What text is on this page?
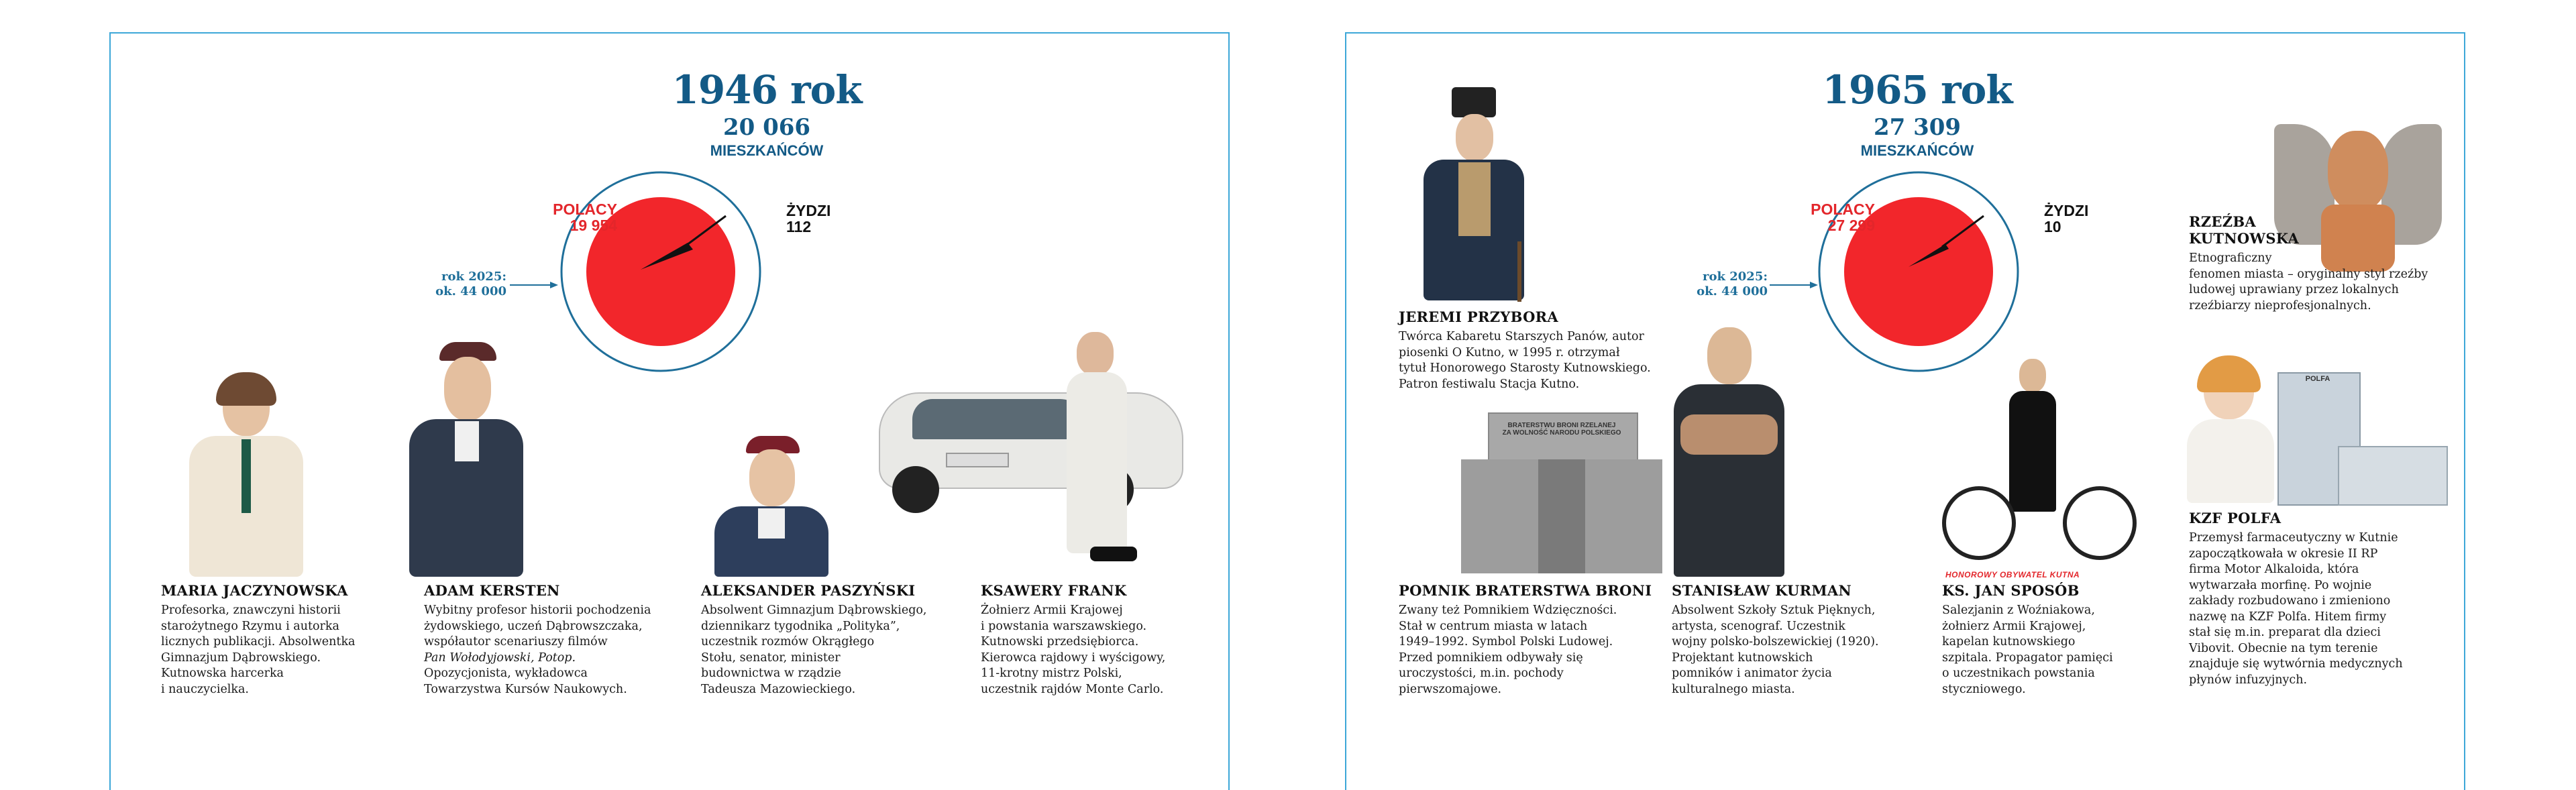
1946 rok
20 066
MIESZKAŃCÓW
POLACY
19 954
ŻYDZI
112
rok 2025:
ok. 44 000
MARIA JACZYNOWSKA
Profesorka, znawczyni historii
starożytnego Rzymu i autorka
licznych publikacji. Absolwentka
Gimnazjum Dąbrowskiego.
Kutnowska harcerka
i nauczycielka.
ADAM KERSTEN
Wybitny profesor historii pochodzenia
żydowskiego, uczeń Dąbrowszczaka,
współautor scenariuszy filmów
Pan Wołodyjowski, Potop.
Opozycjonista, wykładowca
Towarzystwa Kursów Naukowych.
ALEKSANDER PASZYŃSKI
Absolwent Gimnazjum Dąbrowskiego,
dziennikarz tygodnika „Polityka”,
uczestnik rozmów Okrągłego
Stołu, senator, minister
budownictwa w rządzie
Tadeusza Mazowieckiego.
KSAWERY FRANK
Żołnierz Armii Krajowej
i powstania warszawskiego.
Kutnowski przedsiębiorca.
Kierowca rajdowy i wyścigowy,
11-krotny mistrz Polski,
uczestnik rajdów Monte Carlo.
1965 rok
27 309
MIESZKAŃCÓW
POLACY
27 299
ŻYDZI
10
rok 2025:
ok. 44 000
BRATERSTWU BRONI RZELANEJ
ZA WOLNOŚĆ NARODU POLSKIEGO
HONOROWY OBYWATEL KUTNA
POLFA
JEREMI PRZYBORA
Twórca Kabaretu Starszych Panów, autor
piosenki O Kutno, w 1995 r. otrzymał
tytuł Honorowego Starosty Kutnowskiego.
Patron festiwalu Stacja Kutno.
RZEŹBA KUTNOWSKA
Etnograficzny
fenomen miasta – oryginalny styl rzeźby
ludowej uprawiany przez lokalnych
rzeźbiarzy nieprofesjonalnych.
POMNIK BRATERSTWA BRONI
Zwany też Pomnikiem Wdzięczności.
Stał w centrum miasta w latach
1949–1992. Symbol Polski Ludowej.
Przed pomnikiem odbywały się
uroczystości, m.in. pochody
pierwszomajowe.
STANISŁAW KURMAN
Absolwent Szkoły Sztuk Pięknych,
artysta, scenograf. Uczestnik
wojny polsko-bolszewickiej (1920).
Projektant kutnowskich
pomników i animator życia
kulturalnego miasta.
KS. JAN SPOSÓB
Salezjanin z Woźniakowa,
żołnierz Armii Krajowej,
kapelan kutnowskiego
szpitala. Propagator pamięci
o uczestnikach powstania
styczniowego.
KZF POLFA
Przemysł farmaceutyczny w Kutnie
zapoczątkowała w okresie II RP
firma Motor Alkaloida, która
wytwarzała morfinę. Po wojnie
zakłady rozbudowano i zmieniono
nazwę na KZF Polfa. Hitem firmy
stał się m.in. preparat dla dzieci
Vibovit. Obecnie na tym terenie
znajduje się wytwórnia medycznych
płynów infuzyjnych.
